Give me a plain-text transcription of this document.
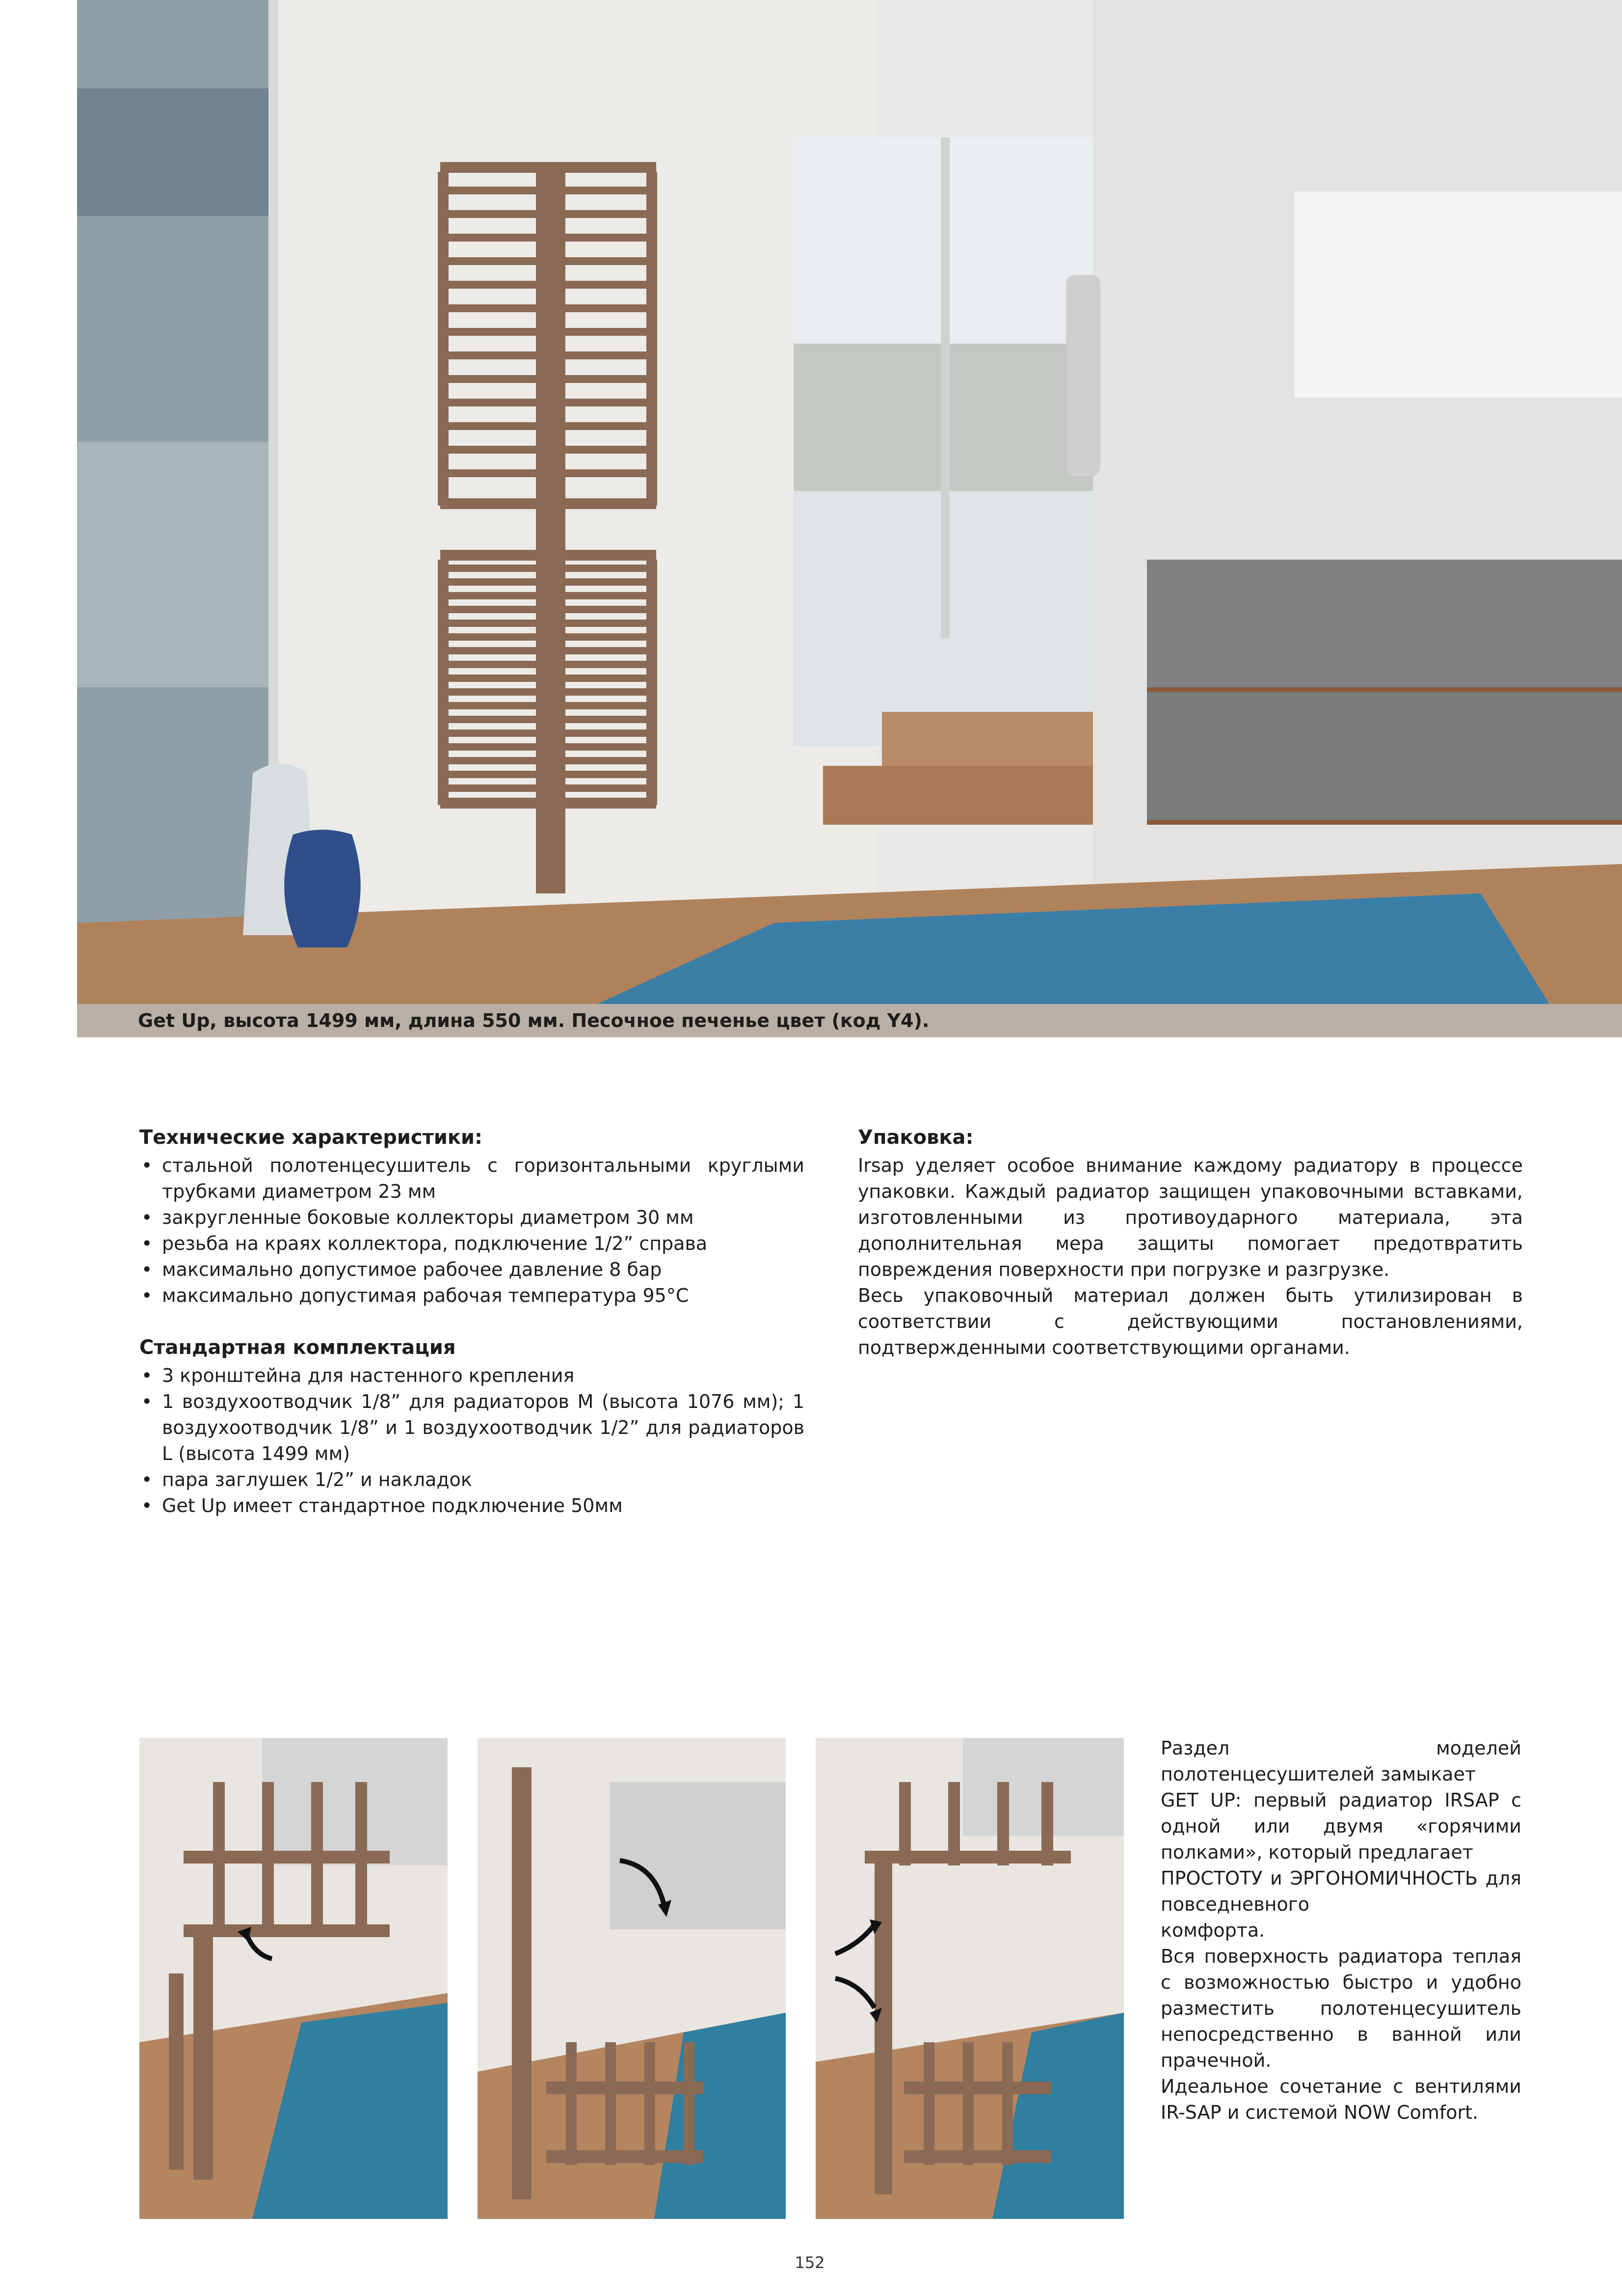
Get Up, высота 1499 мм, длина 550 мм. Песочное печенье цвет (код Y4).

Технические характеристики:

• стальной полотенцесушитель с горизонтальными круглыми трубками диаметром 23 мм
• закругленные боковые коллекторы диаметром 30 мм
• резьба на краях коллектора, подключение 1/2” справа
• максимально допустимое рабочее давление 8 бар
• максимально допустимая рабочая температура 95°С

Стандартная комплектация

• 3 кронштейна для настенного крепления
• 1 воздухоотводчик 1/8” для радиаторов М (высота 1076 мм); 1 воздухоотводчик 1/8” и 1 воздухоотводчик 1/2” для радиаторов L (высота 1499 мм)
• пара заглушек 1/2” и накладок
• Get Up имеет стандартное подключение 50мм

Упаковка:

Irsap уделяет особое внимание каждому радиатору в процессе упаковки. Каждый радиатор защищен упаковочными вставками, изготовленными из противоударного материала, эта дополнительная мера защиты помогает предотвратить повреждения поверхности при погрузке и разгрузке.

Весь упаковочный материал должен быть утилизирован в соответствии с действующими постановлениями, подтвержденными соответствующими органами.

Раздел моделей полотенцесушителей замыкает

GET UP: первый радиатор IRSAP с одной или двумя «горячими полками», который предлагает

ПРОСТОТУ и ЭРГОНОМИЧНОСТЬ для повседневного

комфорта.

Вся поверхность радиатора теплая с возможностью быстро и удобно разместить полотенцесушитель непосредственно в ванной или прачечной.

Идеальное сочетание с вентилями IR-SAP и системой NOW Comfort.

152
